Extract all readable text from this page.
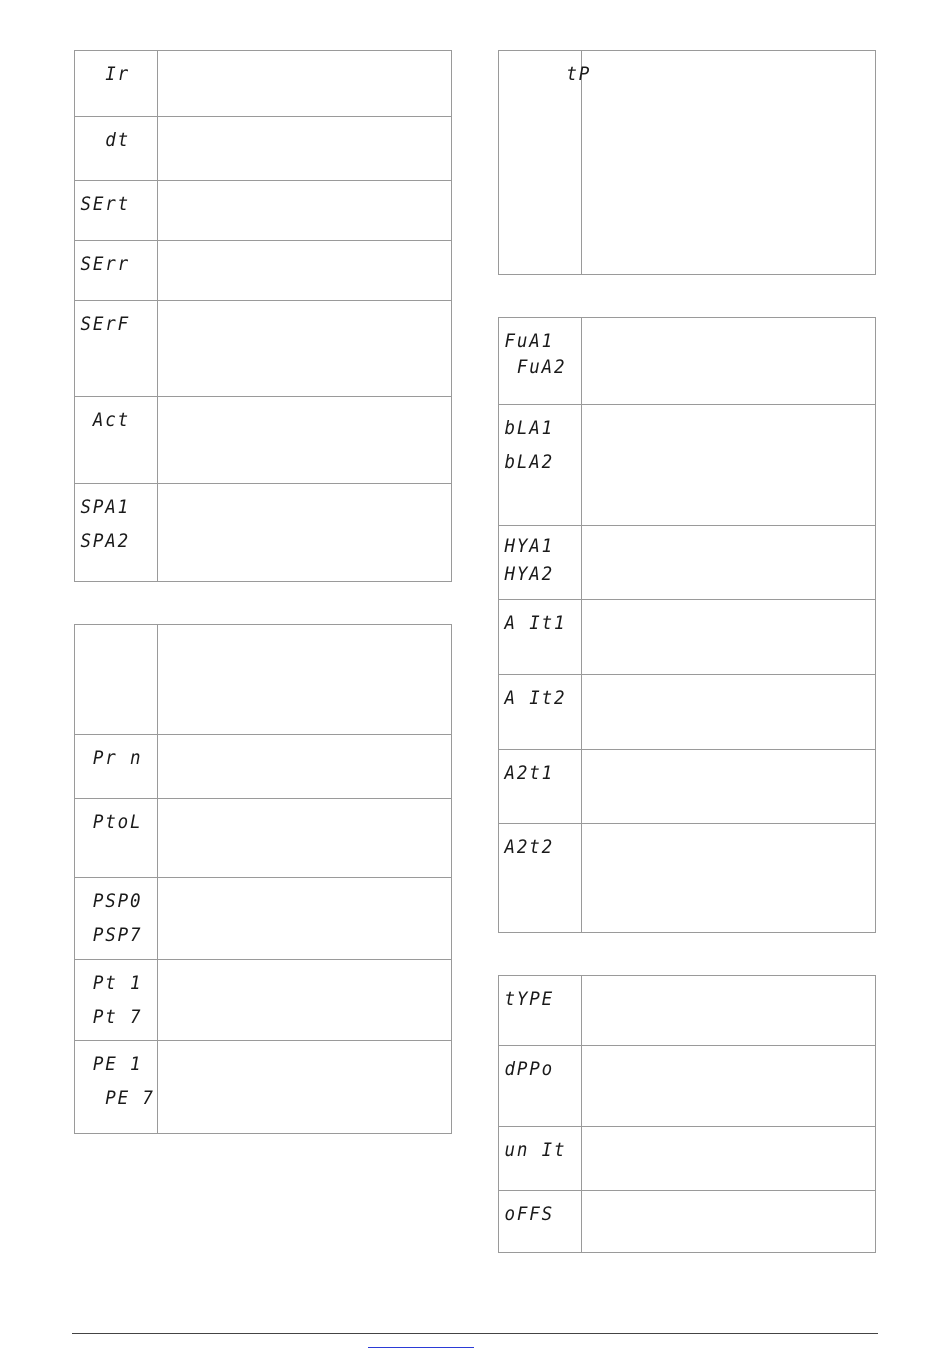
Ir
dt
SErt
SErr
SErF
Act
SPA1
SPA2
Pr n
PtoL
PSP0
PSP7
Pt 1
Pt 7
PE 1
PE 7
tP
FuA1
FuA2
bLA1
bLA2
HYA1
HYA2
A It1
A It2
A2t1
A2t2
tYPE
dPPo
un It
oFFS
